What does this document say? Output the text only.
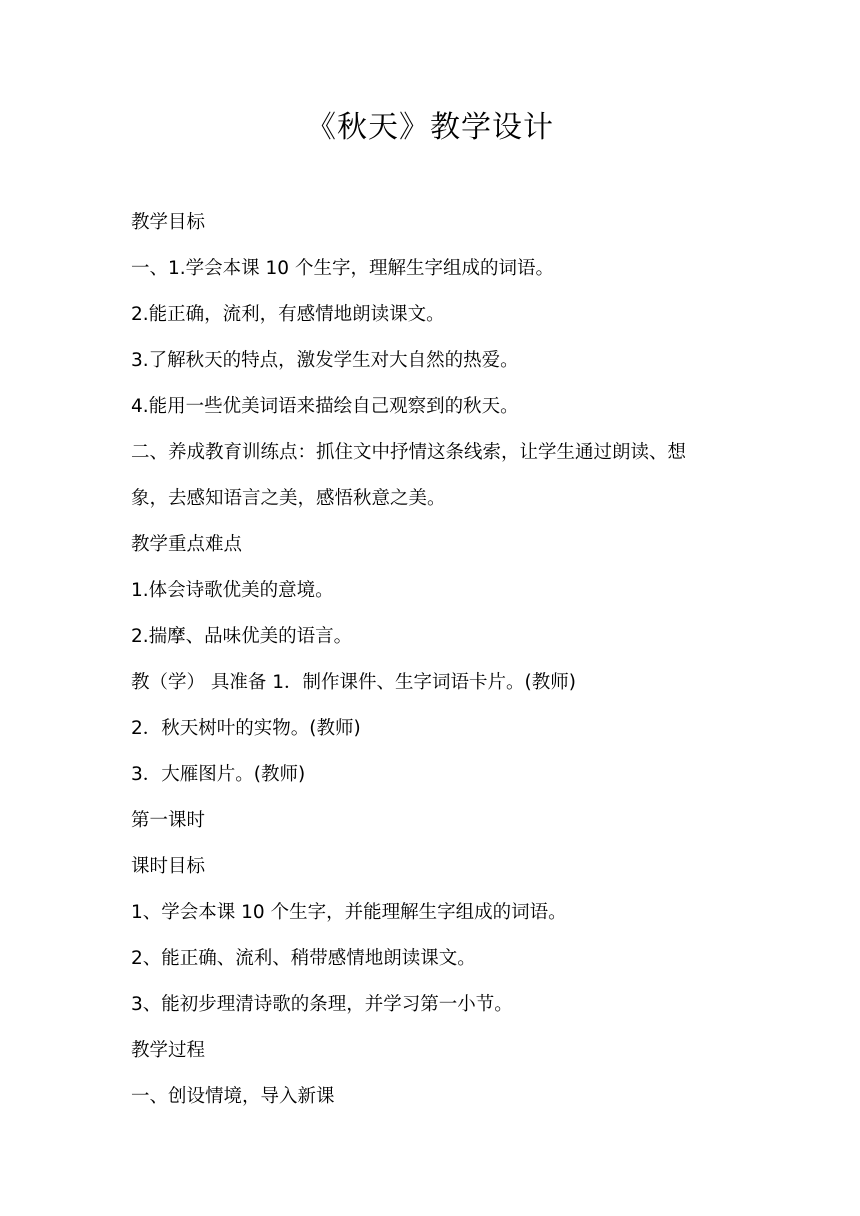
《秋天》教学设计
教学目标
一、1.学会本课 10 个生字，理解生字组成的词语。
2.能正确，流利，有感情地朗读课文。
3.了解秋天的特点，激发学生对大自然的热爱。
4.能用一些优美词语来描绘自己观察到的秋天。
二、养成教育训练点：抓住文中抒情这条线索，让学生通过朗读、想
象，去感知语言之美，感悟秋意之美。
教学重点难点
1.体会诗歌优美的意境。
2.揣摩、品味优美的语言。
教（学） 具准备 1．制作课件、生字词语卡片。(教师)
2．秋天树叶的实物。(教师)
3．大雁图片。(教师)
第一课时
课时目标
1、学会本课 10 个生字，并能理解生字组成的词语。
2、能正确、流利、稍带感情地朗读课文。
3、能初步理清诗歌的条理，并学习第一小节。
教学过程
一、创设情境，导入新课
